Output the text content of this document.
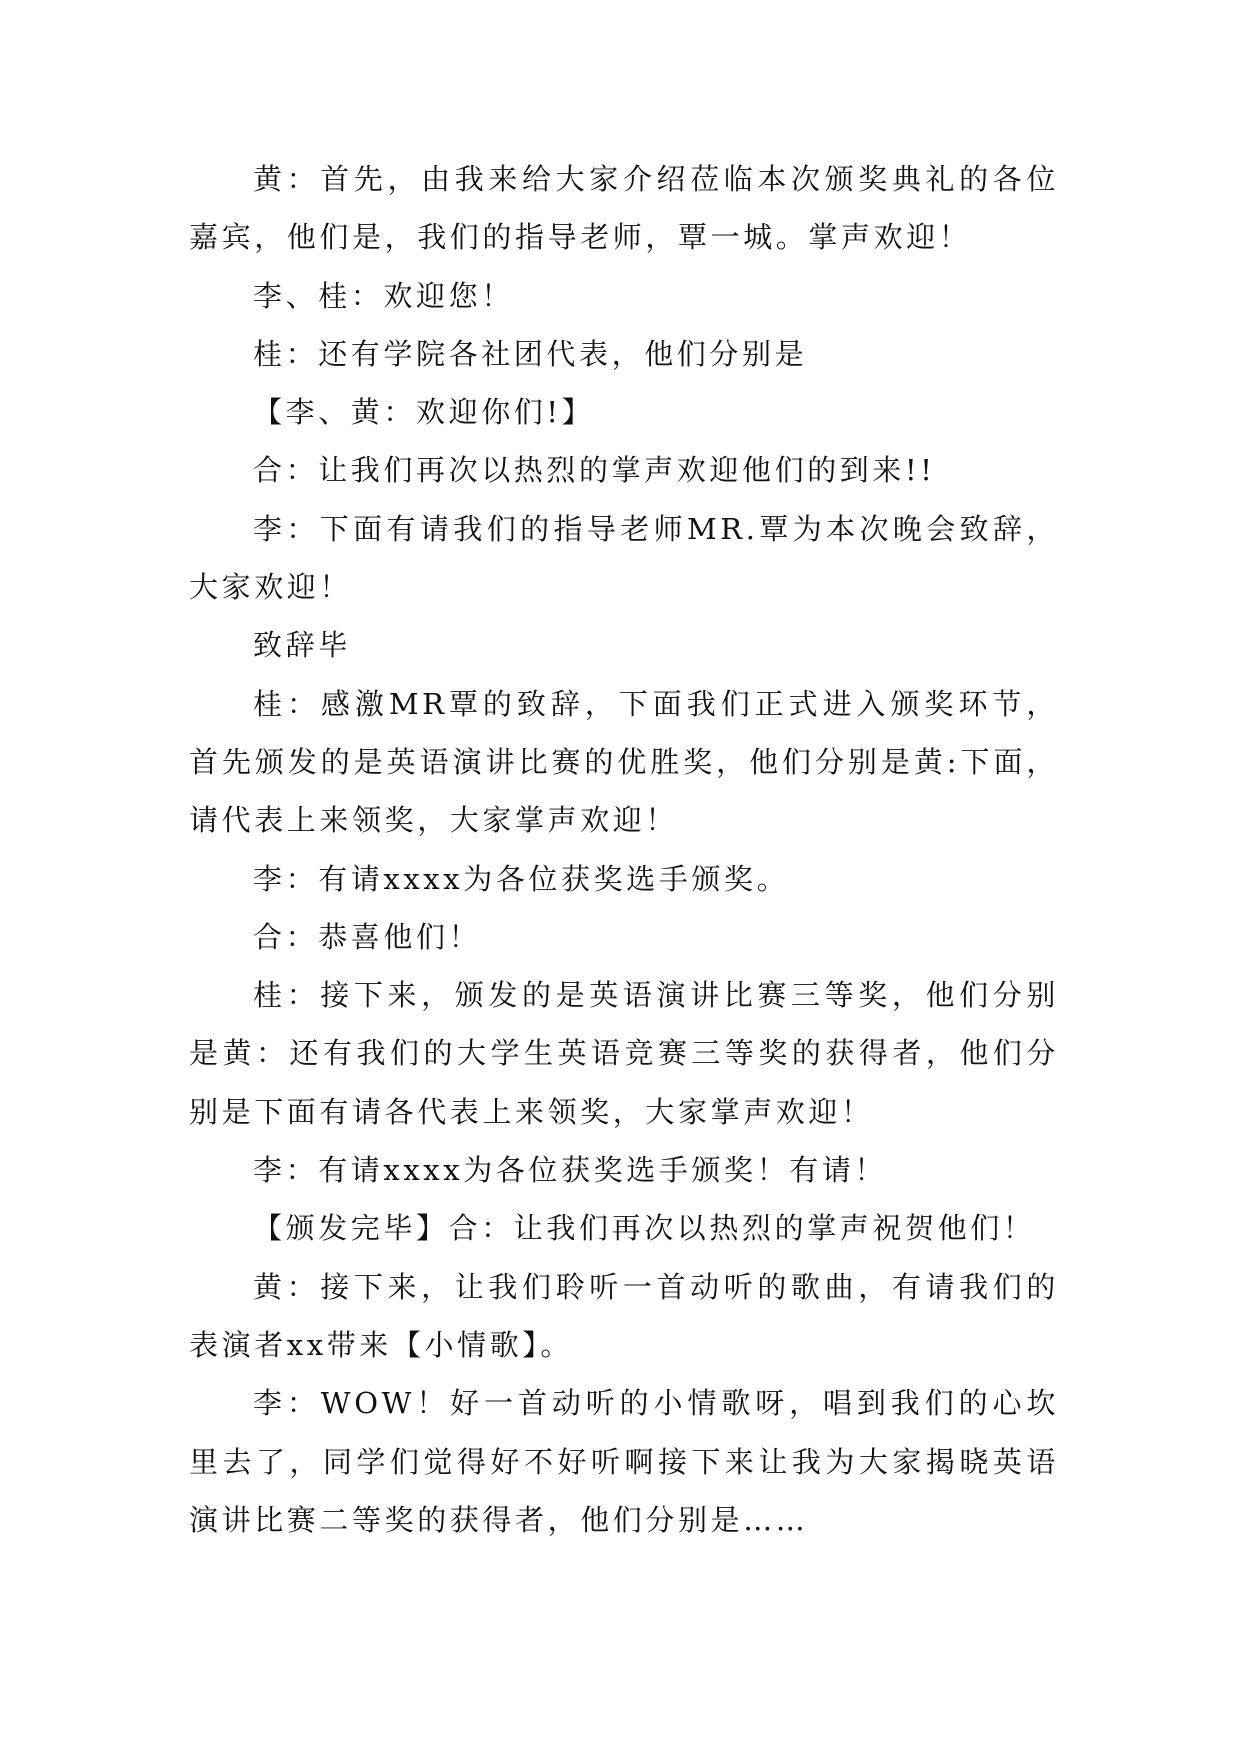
黄：首先，由我来给大家介绍莅临本次颁奖典礼的各位嘉宾，他们是，我们的指导老师，覃一城。掌声欢迎！

李、桂：欢迎您！

桂：还有学院各社团代表，他们分别是

【李、黄：欢迎你们!】

合：让我们再次以热烈的掌声欢迎他们的到来!!

李：下面有请我们的指导老师MR.覃为本次晚会致辞，大家欢迎！

致辞毕

桂：感激MR覃的致辞，下面我们正式进入颁奖环节，首先颁发的是英语演讲比赛的优胜奖，他们分别是黄:下面，请代表上来领奖，大家掌声欢迎！

李：有请xxxx为各位获奖选手颁奖。

合：恭喜他们！

桂：接下来，颁发的是英语演讲比赛三等奖，他们分别是黄：还有我们的大学生英语竞赛三等奖的获得者，他们分别是下面有请各代表上来领奖，大家掌声欢迎！

李：有请xxxx为各位获奖选手颁奖！有请！

【颁发完毕】合：让我们再次以热烈的掌声祝贺他们！

黄：接下来，让我们聆听一首动听的歌曲，有请我们的表演者xx带来【小情歌】。

李：WOW！好一首动听的小情歌呀，唱到我们的心坎里去了，同学们觉得好不好听啊接下来让我为大家揭晓英语演讲比赛二等奖的获得者，他们分别是……
